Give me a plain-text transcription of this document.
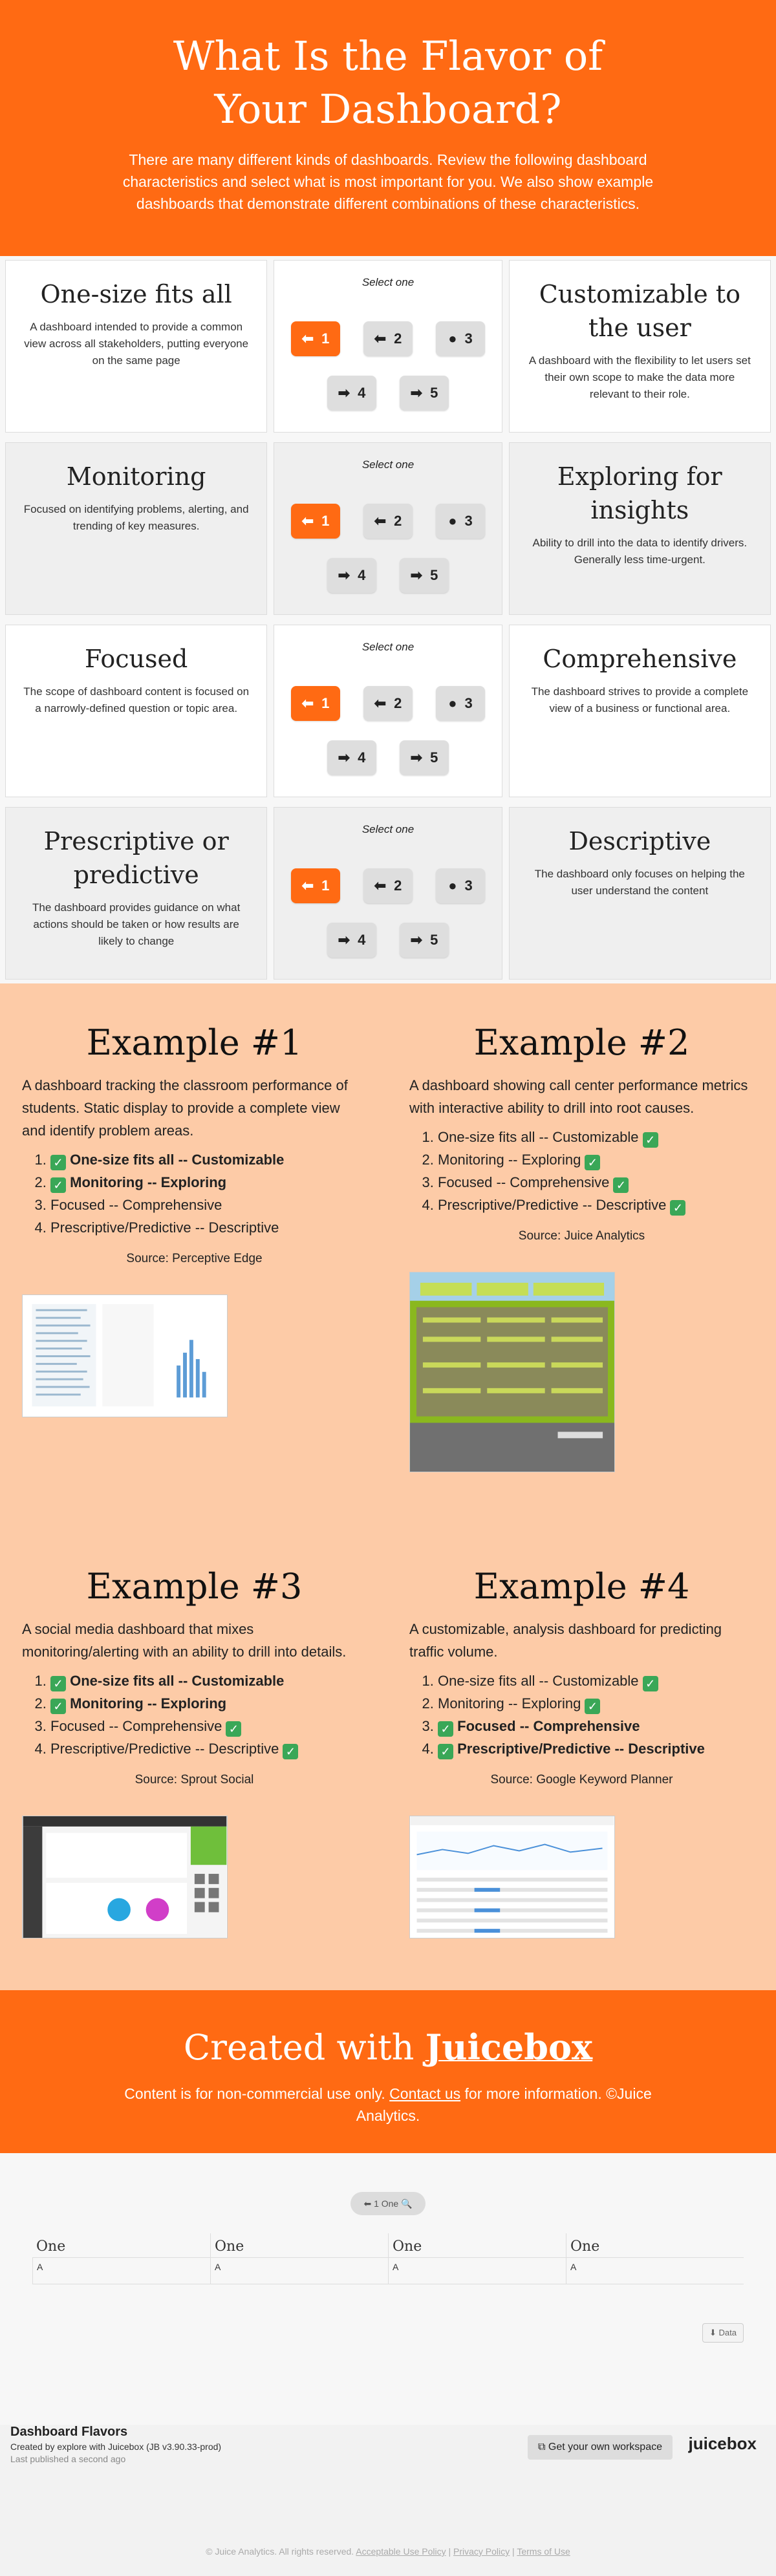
What Is the Flavor of Your Dashboard?

There are many different kinds of dashboards. Review the following dashboard characteristics and select what is most important for you. We also show example dashboards that demonstrate different combinations of these characteristics.

One-size fits all

A dashboard intended to provide a common view across all stakeholders, putting everyone on the same page

Select one
⬅ 1	⬅ 2	● 3
➡ 4	➡ 5
Customizable to the user

A dashboard with the flexibility to let users set their own scope to make the data more relevant to their role.

Monitoring

Focused on identifying problems, alerting, and trending of key measures.

Select one
⬅ 1	⬅ 2	● 3
➡ 4	➡ 5
Exploring for insights

Ability to drill into the data to identify drivers. Generally less time-urgent.

Focused

The scope of dashboard content is focused on a narrowly-defined question or topic area.

Select one
⬅ 1	⬅ 2	● 3
➡ 4	➡ 5
Comprehensive

The dashboard strives to provide a complete view of a business or functional area.

Prescriptive or predictive

The dashboard provides guidance on what actions should be taken or how results are likely to change

Select one
⬅ 1	⬅ 2	● 3
➡ 4	➡ 5
Descriptive

The dashboard only focuses on helping the user understand the content

Example #1
A dashboard tracking the classroom performance of students. Static display to provide a complete view and identify problem areas.
1. ✓ One-size fits all -- Customizable
2. ✓ Monitoring -- Exploring
3. Focused -- Comprehensive
4. Prescriptive/Predictive -- Descriptive
Source: Perceptive Edge
Example #2
A dashboard showing call center performance metrics with interactive ability to drill into root causes.
1. One-size fits all -- Customizable ✓
2. Monitoring -- Exploring ✓
3. Focused -- Comprehensive ✓
4. Prescriptive/Predictive -- Descriptive ✓
Source: Juice Analytics
Example #3
A social media dashboard that mixes monitoring/alerting with an ability to drill into details.
1. ✓ One-size fits all -- Customizable
2. ✓ Monitoring -- Exploring
3. Focused -- Comprehensive ✓
4. Prescriptive/Predictive -- Descriptive ✓
Source: Sprout Social
Example #4
A customizable, analysis dashboard for predicting traffic volume.
1. One-size fits all -- Customizable ✓
2. Monitoring -- Exploring ✓
3. ✓ Focused -- Comprehensive
4. ✓ Prescriptive/Predictive -- Descriptive
Source: Google Keyword Planner
Created with Juicebox

Content is for non-commercial use only. Contact us for more information. ©Juice Analytics.

⬅
1 One
🔍
One	One	One	One
A	A	A	A
⬇ Data
Dashboard Flavors
Created by explore with Juicebox (JB v3.90.33-prod)
Last published a second ago
⧉ Get your own workspace	juicebox
© Juice Analytics. All rights reserved. Acceptable Use Policy | Privacy Policy | Terms of Use
